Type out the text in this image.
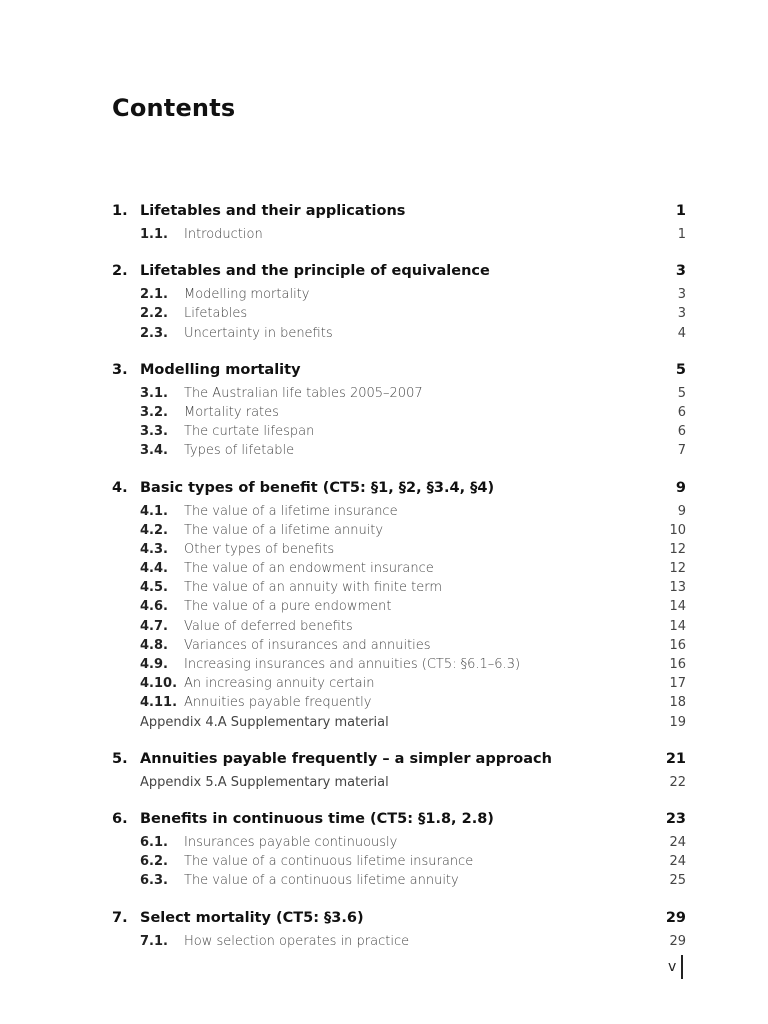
Contents
1. Lifetables and their applications	1
1.1.	Introduction	1
2. Lifetables and the principle of equivalence	3
2.1.	Modelling mortality	3
2.2.	Lifetables	3
2.3.	Uncertainty in benefits	4
3. Modelling mortality	5
3.1.	The Australian life tables 2005–2007	5
3.2.	Mortality rates	6
3.3.	The curtate lifespan	6
3.4.	Types of lifetable	7
4. Basic types of benefit (CT5: §1, §2, §3.4, §4)	9
4.1.	The value of a lifetime insurance	9
4.2.	The value of a lifetime annuity	10
4.3.	Other types of benefits	12
4.4.	The value of an endowment insurance	12
4.5.	The value of an annuity with finite term	13
4.6.	The value of a pure endowment	14
4.7.	Value of deferred benefits	14
4.8.	Variances of insurances and annuities	16
4.9.	Increasing insurances and annuities (CT5: §6.1–6.3)	16
4.10. An increasing annuity certain	17
4.11. Annuities payable frequently	18
Appendix 4.A Supplementary material	19
5. Annuities payable frequently – a simpler approach	21
Appendix 5.A Supplementary material	22
6. Benefits in continuous time (CT5: §1.8, 2.8)	23
6.1.	Insurances payable continuously	24
6.2.	The value of a continuous lifetime insurance	24
6.3.	The value of a continuous lifetime annuity	25
7. Select mortality (CT5: §3.6)	29
7.1.	How selection operates in practice	29
v
